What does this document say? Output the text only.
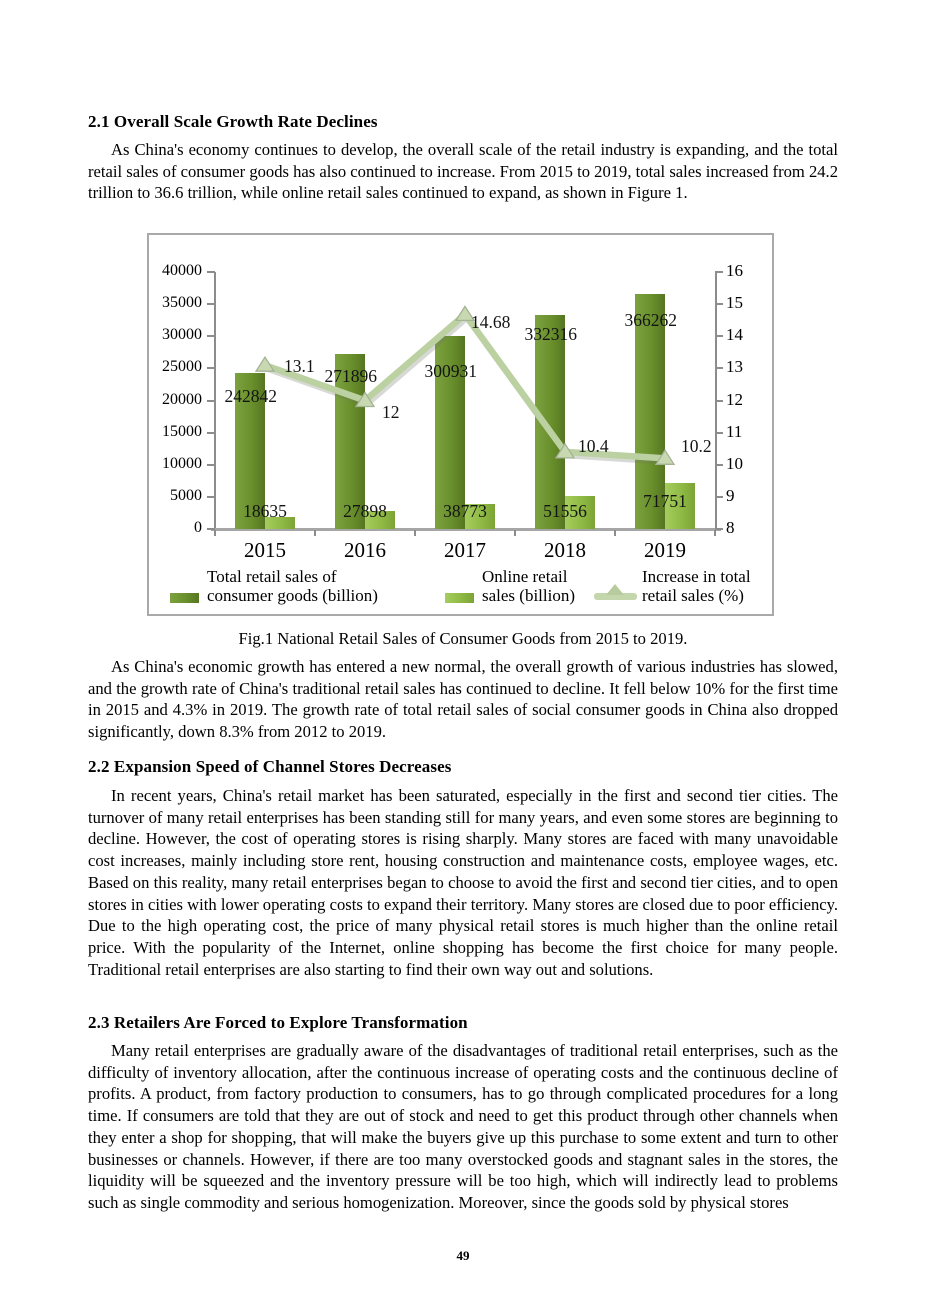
2.1 Overall Scale Growth Rate Declines

As China's economy continues to develop, the overall scale of the retail industry is expanding, and the total retail sales of consumer goods has also continued to increase. From 2015 to 2019, total sales increased from 24.2 trillion to 36.6 trillion, while online retail sales continued to expand, as shown in Figure 1.

0
5000
10000
15000
20000
25000
30000
35000
40000
8
9
10
11
12
13
14
15
16
2015	2016	2017	2018	2019
242842
271896	300931
332316
366262
18635	27898	38773	51556	71751
13.1
12
14.68
10.4	10.2
Total retail sales of
consumer goods (billion)
Online retail
sales (billion)
Increase in total
retail sales (%)
Fig.1 National Retail Sales of Consumer Goods from 2015 to 2019.

As China's economic growth has entered a new normal, the overall growth of various industries has slowed, and the growth rate of China's traditional retail sales has continued to decline. It fell below 10% for the first time in 2015 and 4.3% in 2019. The growth rate of total retail sales of social consumer goods in China also dropped significantly, down 8.3% from 2012 to 2019.

2.2 Expansion Speed of Channel Stores Decreases

In recent years, China's retail market has been saturated, especially in the first and second tier cities. The turnover of many retail enterprises has been standing still for many years, and even some stores are beginning to decline. However, the cost of operating stores is rising sharply. Many stores are faced with many unavoidable cost increases, mainly including store rent, housing construction and maintenance costs, employee wages, etc. Based on this reality, many retail enterprises began to choose to avoid the first and second tier cities, and to open stores in cities with lower operating costs to expand their territory. Many stores are closed due to poor efficiency. Due to the high operating cost, the price of many physical retail stores is much higher than the online retail price. With the popularity of the Internet, online shopping has become the first choice for many people. Traditional retail enterprises are also starting to find their own way out and solutions.

2.3 Retailers Are Forced to Explore Transformation

Many retail enterprises are gradually aware of the disadvantages of traditional retail enterprises, such as the difficulty of inventory allocation, after the continuous increase of operating costs and the continuous decline of profits. A product, from factory production to consumers, has to go through complicated procedures for a long time. If consumers are told that they are out of stock and need to get this product through other channels when they enter a shop for shopping, that will make the buyers give up this purchase to some extent and turn to other businesses or channels. However, if there are too many overstocked goods and stagnant sales in the stores, the liquidity will be squeezed and the inventory pressure will be too high, which will indirectly lead to problems such as single commodity and serious homogenization. Moreover, since the goods sold by physical stores

49
